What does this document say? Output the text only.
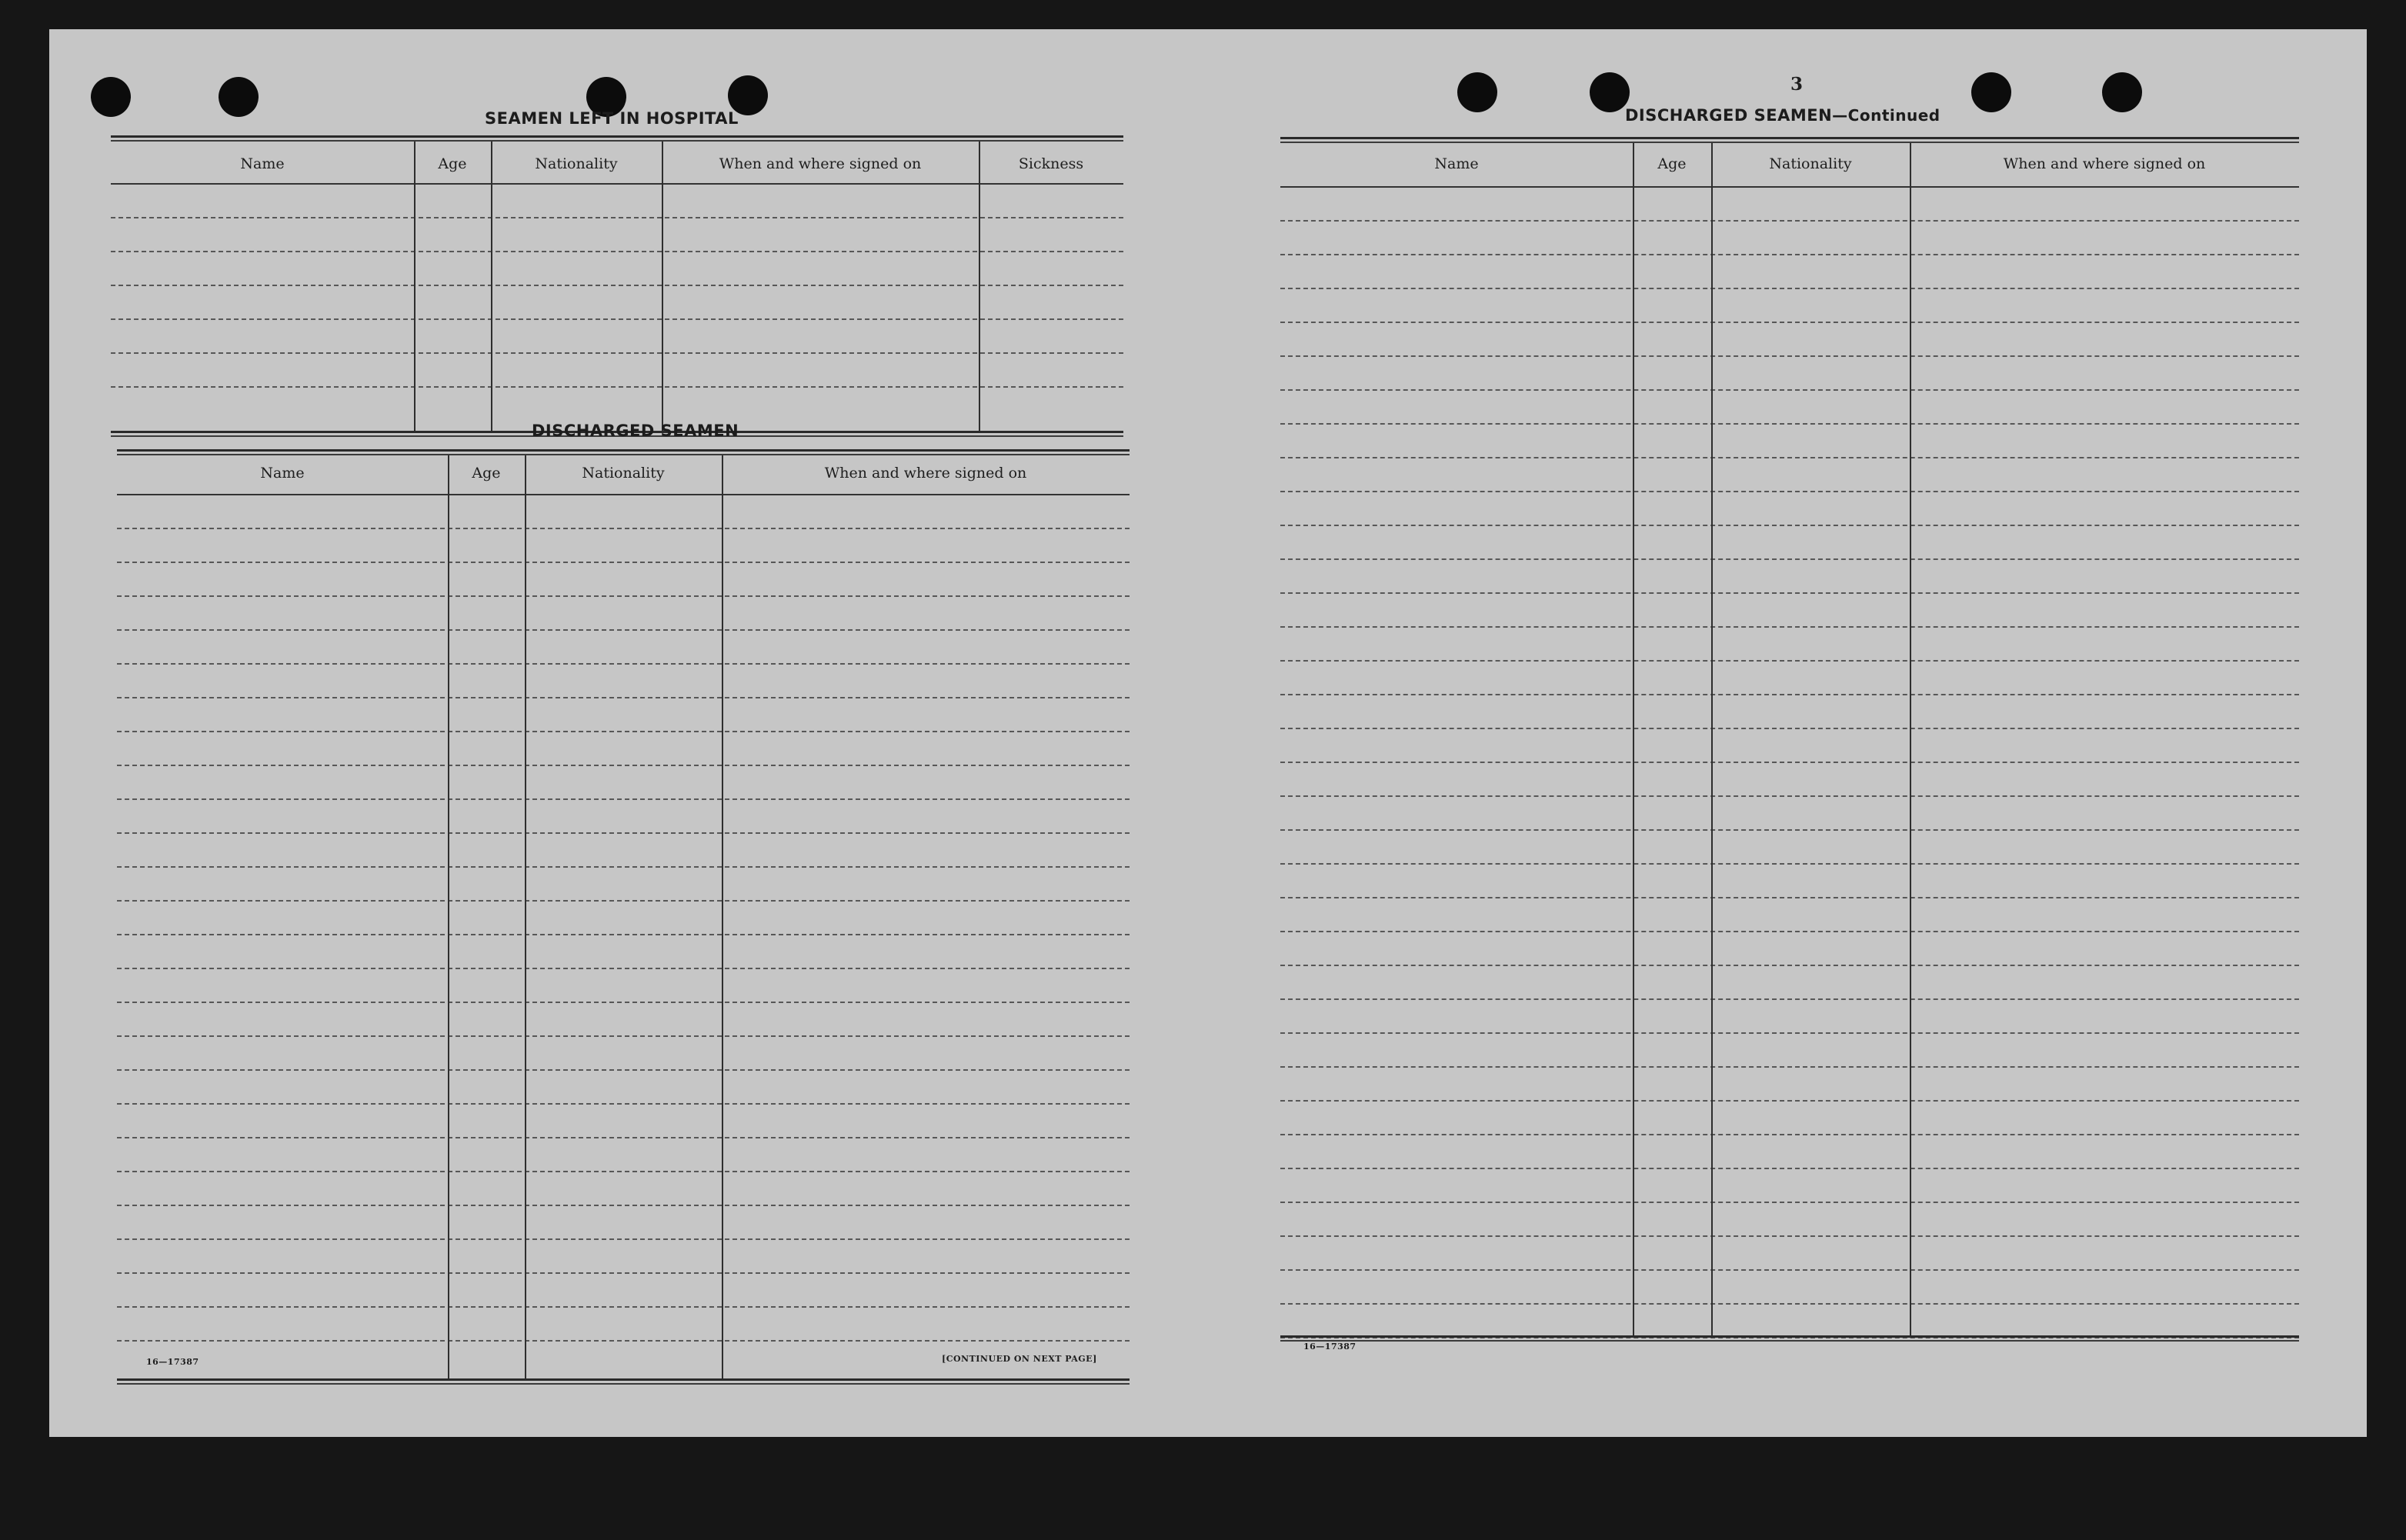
SEAMEN LEFT IN HOSPITAL
Name	Age	Nationality	When and where signed on	Sickness
DISCHARGED SEAMEN
Name	Age	Nationality	When and where signed on
16—17387	[CONTINUED ON NEXT PAGE]
3
DISCHARGED SEAMEN—Continued
Name	Age	Nationality	When and where signed on
16—17387
